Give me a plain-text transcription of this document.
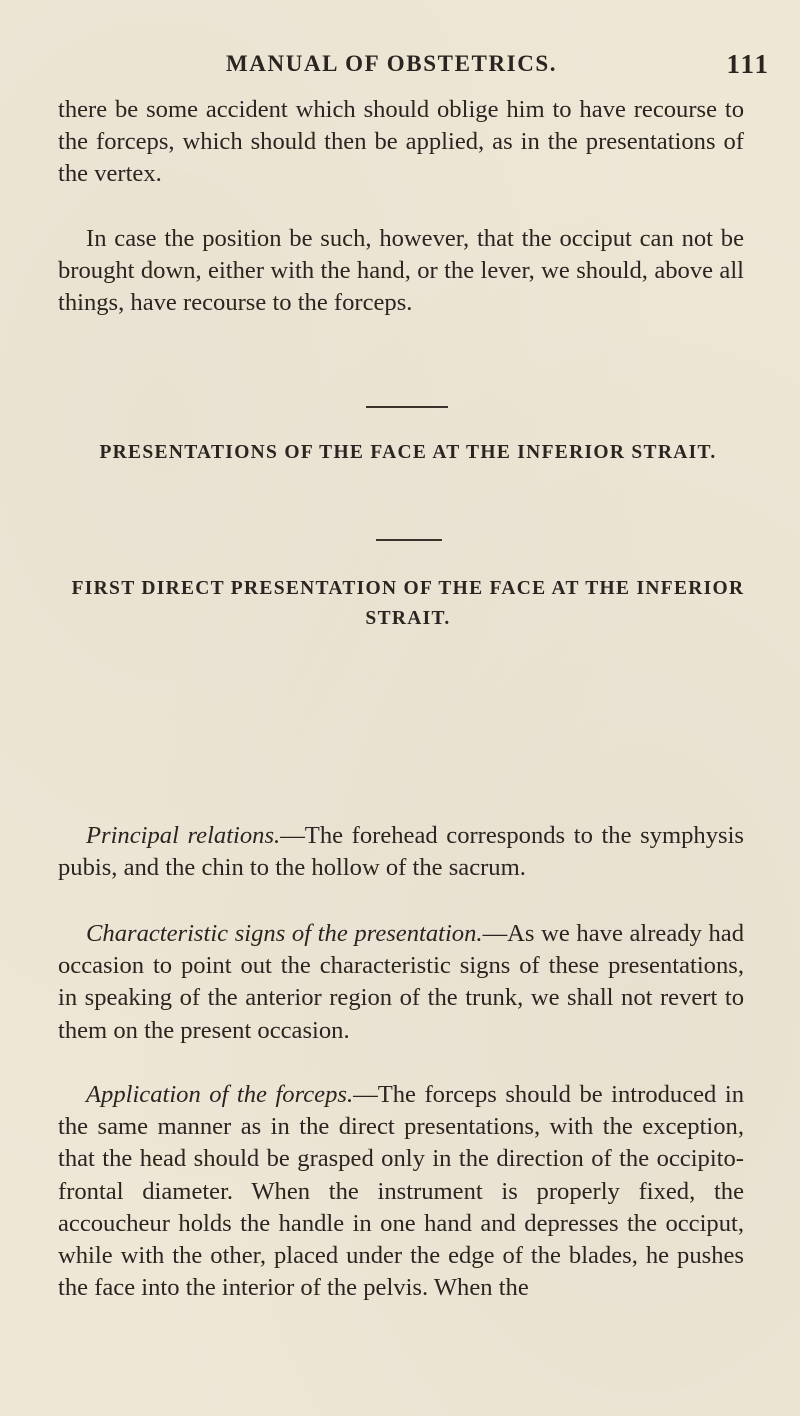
MANUAL OF OBSTETRICS.	111

there be some accident which should oblige him to have recourse to the forceps, which should then be applied, as in the presentations of the vertex.

In case the position be such, however, that the occiput can not be brought down, either with the hand, or the lever, we should, above all things, have recourse to the forceps.

PRESENTATIONS OF THE FACE AT THE INFERIOR STRAIT.

FIRST DIRECT PRESENTATION OF THE FACE AT THE INFERIOR STRAIT.

Principal relations.—The forehead corresponds to the symphysis pubis, and the chin to the hollow of the sacrum.

Characteristic signs of the presentation.—As we have already had occasion to point out the characteristic signs of these presentations, in speaking of the anterior region of the trunk, we shall not revert to them on the present occasion.

Application of the forceps.—The forceps should be introduced in the same manner as in the direct presentations, with the exception, that the head should be grasped only in the direction of the occipito-frontal diameter. When the instrument is properly fixed, the accoucheur holds the handle in one hand and depresses the occiput, while with the other, placed under the edge of the blades, he pushes the face into the interior of the pelvis. When the
